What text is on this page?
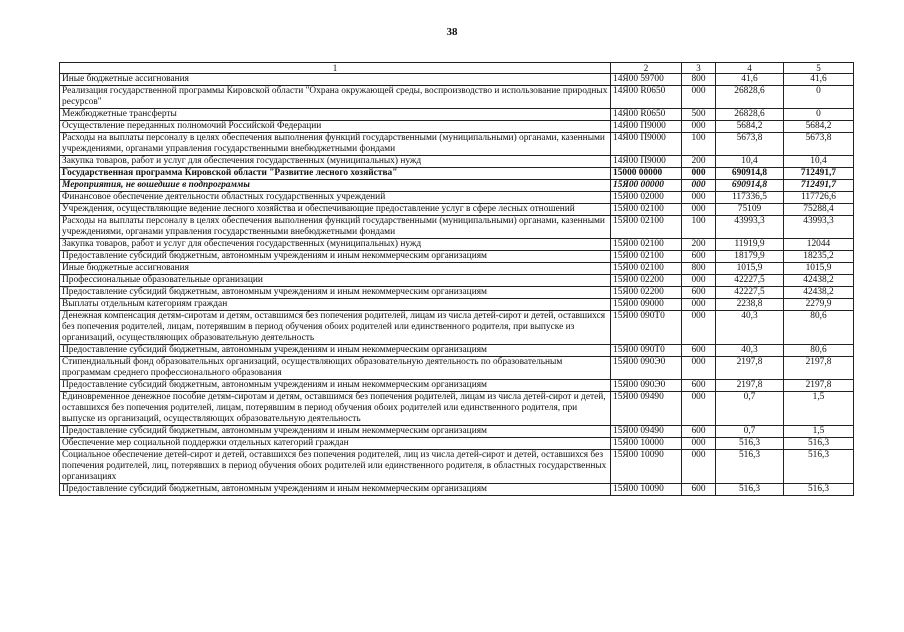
38
1	2	3	4	5
Иные бюджетные ассигнования	14Я00 59700	800	41,6	41,6
Реализация государственной программы Кировской области "Охрана окружающей среды, воспроизводство и использование природных ресурсов"	14Я00 R0650	000	26828,6	0
Межбюджетные трансферты	14Я00 R0650	500	26828,6	0
Осуществление переданных полномочий Российской Федерации	14Я00 П9000	000	5684,2	5684,2
Расходы на выплаты персоналу в целях обеспечения выполнения функций государственными (муниципальными) органами, казенными учреждениями, органами управления государственными внебюджетными фондами	14Я00 П9000	100	5673,8	5673,8
Закупка товаров, работ и услуг для обеспечения государственных (муниципальных) нужд	14Я00 П9000	200	10,4	10,4
Государственная программа Кировской области "Развитие лесного хозяйства"	15000 00000	000	690914,8	712491,7
Мероприятия, не вошедшие в подпрограммы	15Я00 00000	000	690914,8	712491,7
Финансовое обеспечение деятельности областных государственных учреждений	15Я00 02000	000	117336,5	117726,6
Учреждения, осуществляющие ведение лесного хозяйства и обеспечивающие предоставление услуг в сфере лесных отношений	15Я00 02100	000	75109	75288,4
Расходы на выплаты персоналу в целях обеспечения выполнения функций государственными (муниципальными) органами, казенными учреждениями, органами управления государственными внебюджетными фондами	15Я00 02100	100	43993,3	43993,3
Закупка товаров, работ и услуг для обеспечения государственных (муниципальных) нужд	15Я00 02100	200	11919,9	12044
Предоставление субсидий бюджетным, автономным учреждениям и иным некоммерческим организациям	15Я00 02100	600	18179,9	18235,2
Иные бюджетные ассигнования	15Я00 02100	800	1015,9	1015,9
Профессиональные образовательные организации	15Я00 02200	000	42227,5	42438,2
Предоставление субсидий бюджетным, автономным учреждениям и иным некоммерческим организациям	15Я00 02200	600	42227,5	42438,2
Выплаты отдельным категориям граждан	15Я00 09000	000	2238,8	2279,9
Денежная компенсация детям-сиротам и детям, оставшимся без попечения родителей, лицам из числа детей-сирот и детей, оставшихся без попечения родителей, лицам, потерявшим в период обучения обоих родителей или единственного родителя, при выпуске из организаций, осуществляющих образовательную деятельность	15Я00 090Т0	000	40,3	80,6
Предоставление субсидий бюджетным, автономным учреждениям и иным некоммерческим организациям	15Я00 090Т0	600	40,3	80,6
Стипендиальный фонд образовательных организаций, осуществляющих образовательную деятельность по образовательным программам среднего профессионального образования	15Я00 090Э0	000	2197,8	2197,8
Предоставление субсидий бюджетным, автономным учреждениям и иным некоммерческим организациям	15Я00 090Э0	600	2197,8	2197,8
Единовременное денежное пособие детям-сиротам и детям, оставшимся без попечения родителей, лицам из числа детей-сирот и детей, оставшихся без попечения родителей, лицам, потерявшим в период обучения обоих родителей или единственного родителя, при выпуске из организаций, осуществляющих образовательную деятельность	15Я00 09490	000	0,7	1,5
Предоставление субсидий бюджетным, автономным учреждениям и иным некоммерческим организациям	15Я00 09490	600	0,7	1,5
Обеспечение мер социальной поддержки отдельных категорий граждан	15Я00 10000	000	516,3	516,3
Социальное обеспечение детей-сирот и детей, оставшихся без попечения родителей, лиц из числа детей-сирот и детей, оставшихся без попечения родителей, лиц, потерявших в период обучения обоих родителей или единственного родителя, в областных государственных организациях	15Я00 10090	000	516,3	516,3
Предоставление субсидий бюджетным, автономным учреждениям и иным некоммерческим организациям	15Я00 10090	600	516,3	516,3
